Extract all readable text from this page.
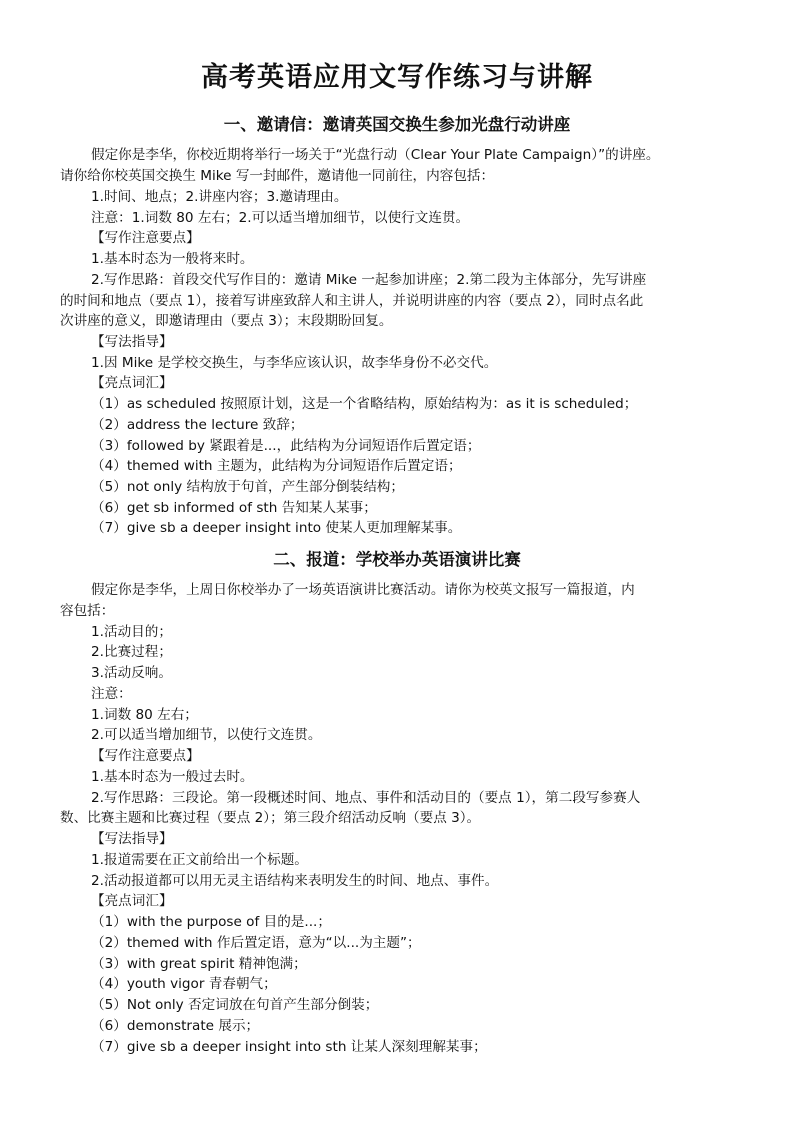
高考英语应用文写作练习与讲解
一、邀请信：邀请英国交换生参加光盘行动讲座
假定你是李华，你校近期将举行一场关于“光盘行动（Clear Your Plate Campaign）”的讲座。
请你给你校英国交换生 Mike 写一封邮件，邀请他一同前往，内容包括：
1.时间、地点；2.讲座内容；3.邀请理由。
注意：1.词数 80 左右；2.可以适当增加细节，以使行文连贯。
【写作注意要点】
1.基本时态为一般将来时。
2.写作思路：首段交代写作目的：邀请 Mike 一起参加讲座；2.第二段为主体部分，先写讲座
的时间和地点（要点 1），接着写讲座致辞人和主讲人，并说明讲座的内容（要点 2），同时点名此
次讲座的意义，即邀请理由（要点 3）；末段期盼回复。
【写法指导】
1.因 Mike 是学校交换生，与李华应该认识，故李华身份不必交代。
【亮点词汇】
（1）as scheduled 按照原计划，这是一个省略结构，原始结构为：as it is scheduled；
（2）address the lecture 致辞；
（3）followed by 紧跟着是...，此结构为分词短语作后置定语；
（4）themed with 主题为，此结构为分词短语作后置定语；
（5）not only 结构放于句首，产生部分倒装结构；
（6）get sb informed of sth 告知某人某事；
（7）give sb a deeper insight into 使某人更加理解某事。
二、报道：学校举办英语演讲比赛
假定你是李华，上周日你校举办了一场英语演讲比赛活动。请你为校英文报写一篇报道，内
容包括：
1.活动目的；
2.比赛过程；
3.活动反响。
注意：
1.词数 80 左右；
2.可以适当增加细节，以使行文连贯。
【写作注意要点】
1.基本时态为一般过去时。
2.写作思路：三段论。第一段概述时间、地点、事件和活动目的（要点 1），第二段写参赛人
数、比赛主题和比赛过程（要点 2）；第三段介绍活动反响（要点 3）。
【写法指导】
1.报道需要在正文前给出一个标题。
2.活动报道都可以用无灵主语结构来表明发生的时间、地点、事件。
【亮点词汇】
（1）with the purpose of 目的是...；
（2）themed with 作后置定语，意为“以...为主题”；
（3）with great spirit 精神饱满；
（4）youth vigor 青春朝气；
（5）Not only 否定词放在句首产生部分倒装；
（6）demonstrate 展示；
（7）give sb a deeper insight into sth 让某人深刻理解某事；
